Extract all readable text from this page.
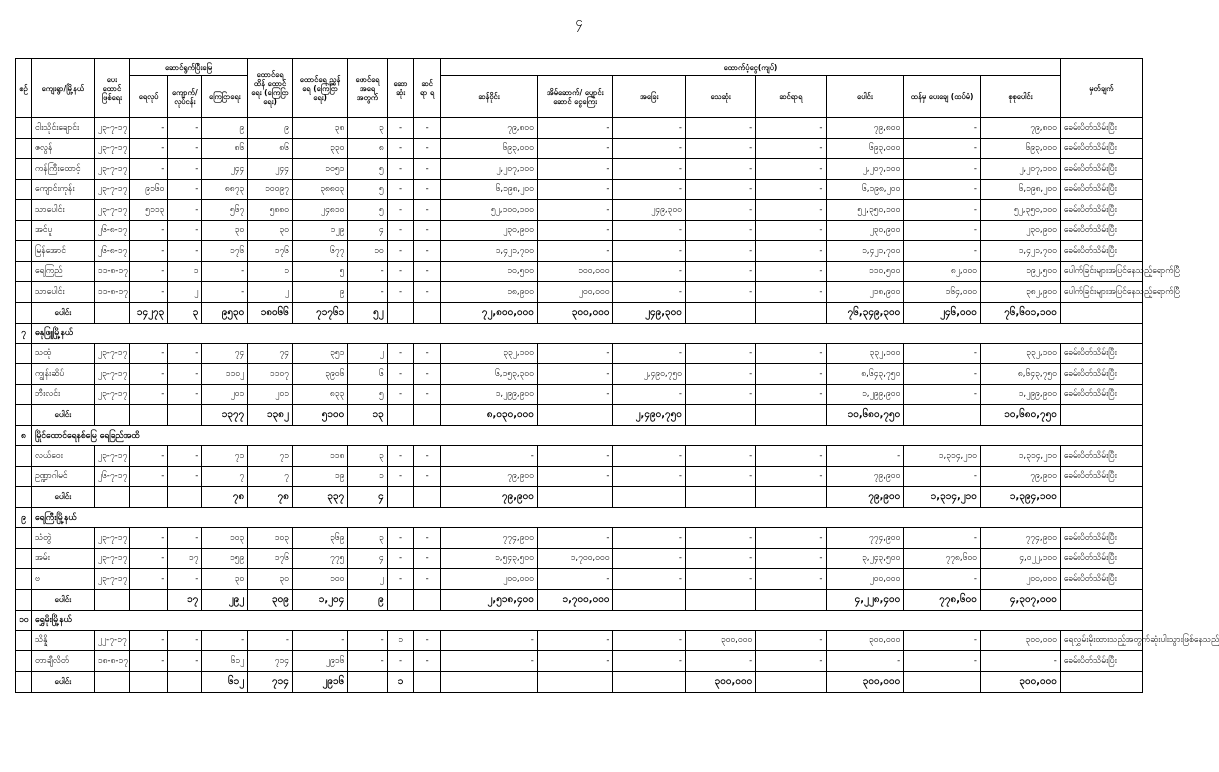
၄
စဉ်	ကျေးရွာ/မြို့နယ်	ပေး ထောင် ဖြစ်ရေး	ဆောင်ရွက်ပြီးမြေ			ထောင်ရေ ထိန် ထောင်ရေး (ကြေငြာရေး)	ထောင်ရေ ညွှန်ရေ (ကြေငြာရေး)	ဖောင်ရေ အရေ အတွက်	ဆော ဆုံး	ဆင် ရာ ရ	ထောက်ပံ့ငွေ(ကျပ်)								မှတ်ချက်
			ရေလုပ်	ကျောက်/ လုပ်ငန်း	ကြေငြာရေး						ဆန်ဝိုင်း	အိမ်ဆောက်/ ပျောင်းဆောင် ငွေကြေး	အခြေး	သေဆုံး	ဆင်ရာရ	ပေါင်း	ထန်မှ ပေးချေ (ထပ်မံ)	စုစုပေါင်း	
	ငါးသိုင်းချောင်း	၂၃-၇-၁၇	-	-	၉	၉	၃၈	၃	-	-	၇၉,၈၀၀	-	-	-	-	၇၉,၈၀၀	-	၇၉,၈၀၀	ခေမ်းပိတ်သိမ်းပြီး
	ဇလွန်	၂၃-၇-၁၇	-	-	၈၆	၈၆	၃၃၀	၈	-	-	၆၉၃,၀၀၀	-	-	-	-	၆၉၃,၀၀၀	-	၆၉၃,၀၀၀	ခေမ်းပိတ်သိမ်းပြီး
	ကန်ကြီးထောင့်	၂၃-၇-၁၇	-	-	၂၄၄	၂၄၄	၁၀၅၁	၅	-	-	၂,၂၀၇,၁၀၀	-	-	-	-	၂,၂၀၇,၁၀၀	-	၂,၂၀၇,၁၀၀	ခေမ်းပိတ်သိမ်းပြီး
	ကျောင်းကုန်း	၂၃-၇-၁၇	၉၁၆၀	-	၈၈၇၃	၁၀၀၉၇	၃၈၈၀၃	၅	-	-	၆,၁၉၈,၂၀၀	-	-	-	-	၆,၁၉၈,၂၀၀	-	၆,၁၉၈,၂၀၀	ခေမ်းပိတ်သိမ်းပြီး
	သာပေါင်း	၂၃-၇-၁၇	၅၁၁၃	-	၅၆၇	၅၈၈၀	၂၄၈၁၀	၅	-	-	၅၂,၁၀၀,၁၀၀	-	၂၄၉,၃၀၀	-	-	၅၂,၃၅၀,၁၀၀	-	၅၂,၃၅၀,၁၀၀	ခေမ်းပိတ်သိမ်းပြီး
	အင်ပူ	၂၆-၈-၁၇	-	-	၃၀	၃၀	၁၂၉	၄	-	-	၂၃၀,၉၀၀	-	-	-	-	၂၃၀,၉၀၀	-	၂၃၀,၉၀၀	ခေမ်းပိတ်သိမ်းပြီး
	မြန်အောင်	၂၆-၈-၁၇	-	-	၁၇၆	၁၇၆	၆၇၇	၁၀	-	-	၁,၄၂၁,၇၀၀	-	-	-	-	၁,၄၂၁,၇၀၀	-	၁,၄၂၁,၇၀၀	ခေမ်းပိတ်သိမ်းပြီး
	ရေကြည်	၁၁-၈-၁၇	-	၁	-	၁	၅	-	-	-	၁၀,၅၀၀	၁၀၀,၀၀၀	-	-	-	၁၁၀,၅၀၀	၈၂,၀၀၀	၁၉၂,၅၀၀	ပေါက်ခြင်းများအပြင်နေသည့်ရောက်ပြီ
	သာပေါင်း	၁၁-၈-၁၇	-	၂	-	၂	၉	-	-	-	၁၈,၉၀၀	၂၀၀,၀၀၀	-	-	-	၂၁၈,၉၀၀	၁၆၄,၀၀၀	၃၈၂,၉၀၀	ပေါက်ခြင်းများအပြင်နေသည့်ရောက်ပြီ
	ပေါင်း		၁၄၂၇၃	၃	၉၅၃၀	၁၈၀၆၆	၇၁၇၆၁	၅၂			၇၂,၈၀၀,၀၀၀	၃၀၀,၀၀၀	၂၄၉,၃၀၀			၇၆,၃၄၉,၃၀၀	၂၄၆,၀၀၀	၇၆,၆၀၁,၁၀၀	
၇	ဓနုဖြူမြို့နယ်																		
	သထုံ	၂၃-၇-၁၇	-	-	၇၄	၇၄	၃၅၁	၂	-	-	၃၃၂,၁၀၀	-	-	-	-	၃၃၂,၁၀၀	-	၃၃၂,၁၀၀	ခေမ်းပိတ်သိမ်းပြီး
	ကျွန်းဆိပ်	၂၃-၇-၁၇	-	-	၁၁၀၂	၁၁၀၇	၃၉၀၆	၆	-	-	၆,၁၅၃,၃၀၀	-	၂,၄၉၀,၇၅၀	-	-	၈,၆၄၃,၇၅၀	-	၈,၆၄၃,၇၅၀	ခေမ်းပိတ်သိမ်းပြီး
	ဘီးလင်း	၂၃-၇-၁၇	-	-	၂၀၁	၂၀၁	၈၃၃	၅	-	-	၁,၂၉၉,၉၀၀	-	-	-	-	၁,၂၉၉,၉၀၀	-	၁,၂၉၉,၉၀၀	ခေမ်းပိတ်သိမ်းပြီး
	ပေါင်း				၁၃၇၇	၁၃၈၂	၅၁၀၀	၁၃			၈,၀၃၀,၀၀၀		၂,၄၉၀,၇၅၀			၁၀,၆၈၀,၇၅၀		၁၀,၆၈၀,၇၅၀	
၈	မြိုင်ထောင်ရေနစ်မြေ ရေခြည်အထိ																		
	လယ်ဝေး	၂၃-၇-၁၇	-	-	၇၁	၇၁	၁၁၈	၃	-	-	-	-	-	-	-	-	၁,၃၁၄,၂၁၀	၁,၃၁၄,၂၁၀	ခေမ်းပိတ်သိမ်းပြီး
	ဥဏ္ဍာဂါမင်	၂၆-၇-၁၇	-	-	၇	၇	၁၉	၁	-	-	၇၉,၉၀၀	-	-	-	-	၇၉,၉၀၀	-	၇၉,၉၀၀	ခေမ်းပိတ်သိမ်းပြီး
	ပေါင်း				၇၈	၇၈	၃၃၇	၄			၇၉,၉၀၀					၇၉,၉၀၀	၁,၃၁၄,၂၁၀	၁,၃၉၄,၁၀၀	
၉	ရေကြီးမြို့နယ်																		
	သံတွဲ	၂၃-၇-၁၇	-	-	၁၀၃	၁၀၃	၃၆၉	၃	-	-	၇၇၄,၉၀၀	-	-	-	-	၇၇၄,၉၀၀	-	၇၇၄,၉၀၀	ခေမ်းပိတ်သိမ်းပြီး
	အမ်း	၂၃-၇-၁၇	-	၁၇	၁၅၉	၁၇၆	၇၇၅	၄	-	-	၁,၅၄၃,၅၀၀	၁,၇၀၀,၀၀၀	-	-	-	၃,၂၄၃,၅၀၀	၇၇၈,၆၀၀	၄,၀၂၂,၁၀၀	ခေမ်းပိတ်သိမ်းပြီး
	ဗ	၂၃-၇-၁၇	-	-	၃၀	၃၀	၁၀၀	၂	-	-	၂၀၀,၀၀၀	-	-	-	-	၂၀၀,၀၀၀	-	၂၀၀,၀၀၀	ခေမ်းပိတ်သိမ်းပြီး
	ပေါင်း			၁၇	၂၉၂	၃၀၉	၁,၂၀၄	၉			၂,၅၁၈,၄၀၀	၁,၇၀၀,၀၀၀				၄,၂၂၈,၄၀၀	၇၇၈,၆၀၀	၄,၃၀၇,၀၀၀	
၁၀	ရွှေမိုးမြို့နယ်																		
	သိန္နိ	၂၂-၇-၁၇	-	-	-	-	-	-	၁	-	-	-	-	၃၀၀,၀၀၀	-	၃၀၀,၀၀၀	-	၃၀၀,၀၀၀	ရေလွှမ်းမိုးထားသည့်အတွက်ဆုံးပါးသွားဖြစ်နေသည်
	တာချီလိတ်	၁၈-၈-၁၇	-	-	၆၁၂	၇၁၄	၂၉၁၆	-	-	-	-	-	-	-	-	-	-	-	ခေမ်းပိတ်သိမ်းပြီး
	ပေါင်း				၆၁၂	၇၁၄	၂၉၁၆		၁					၃၀၀,၀၀၀		၃၀၀,၀၀၀		၃၀၀,၀၀၀	
